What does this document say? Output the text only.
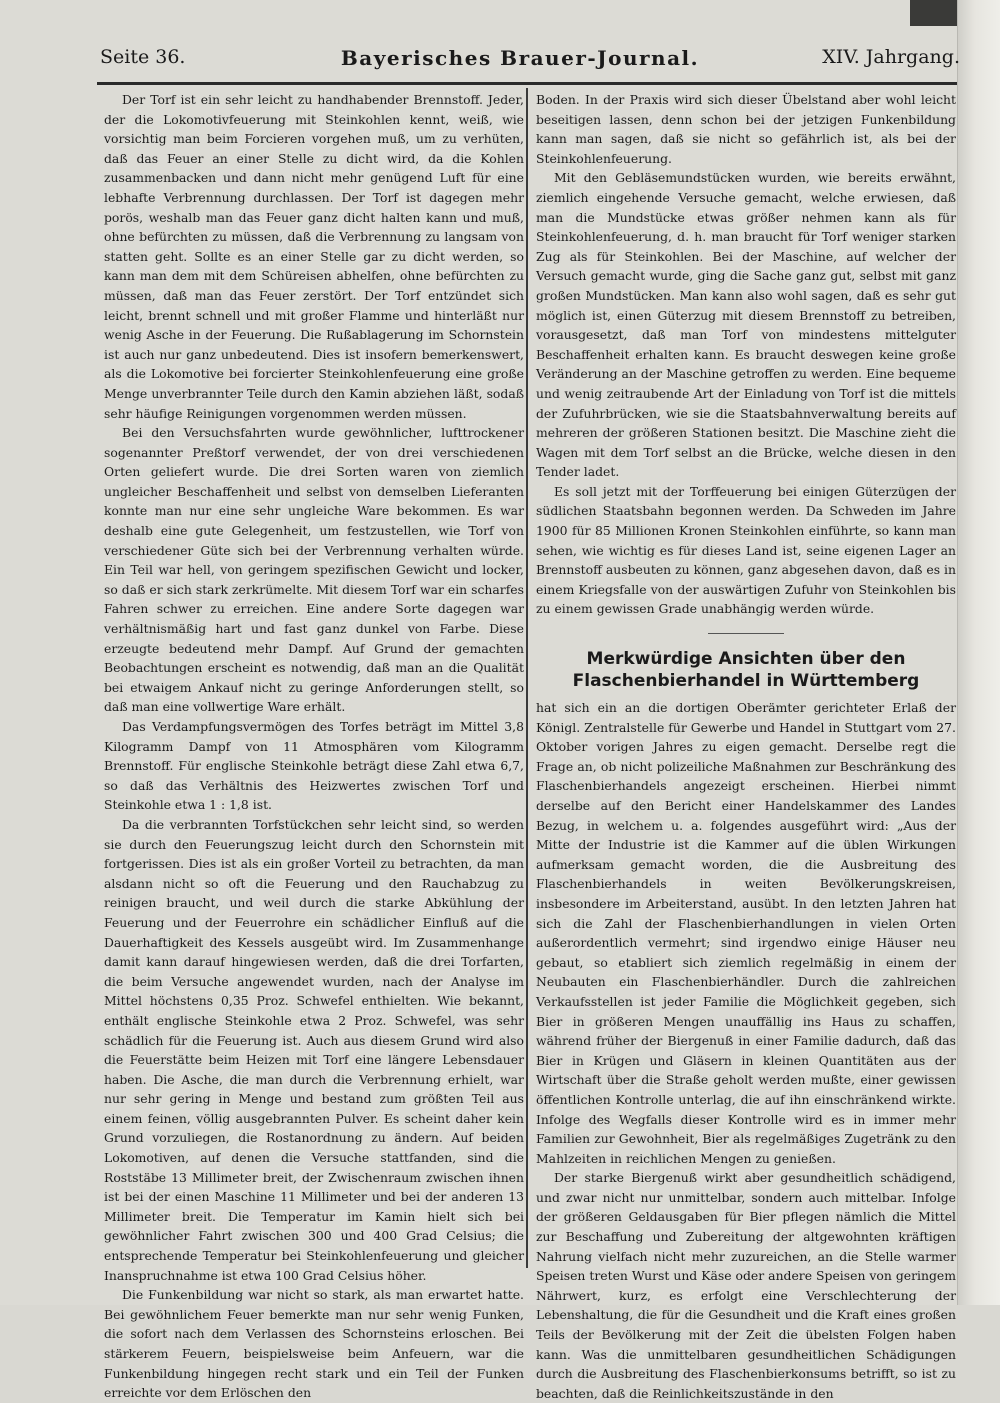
Seite 36.	Bayerisches Brauer-Journal.	XIV. Jahrgang.

Der Torf ist ein sehr leicht zu handhabender Brennstoff. Jeder, der die Lokomotivfeuerung mit Steinkohlen kennt, weiß, wie vorsichtig man beim Forcieren vorgehen muß, um zu verhüten, daß das Feuer an einer Stelle zu dicht wird, da die Kohlen zusammenbacken und dann nicht mehr genügend Luft für eine lebhafte Verbrennung durchlassen. Der Torf ist dagegen mehr porös, weshalb man das Feuer ganz dicht halten kann und muß, ohne befürchten zu müssen, daß die Verbrennung zu langsam von statten geht. Sollte es an einer Stelle gar zu dicht werden, so kann man dem mit dem Schüreisen abhelfen, ohne befürchten zu müssen, daß man das Feuer zerstört. Der Torf entzündet sich leicht, brennt schnell und mit großer Flamme und hinterläßt nur wenig Asche in der Feuerung. Die Rußablagerung im Schornstein ist auch nur ganz unbedeutend. Dies ist insofern bemerkenswert, als die Lokomotive bei forcierter Steinkohlenfeuerung eine große Menge unverbrannter Teile durch den Kamin abziehen läßt, sodaß sehr häufige Reinigungen vorgenommen werden müssen.

Bei den Versuchsfahrten wurde gewöhnlicher, lufttrockener sogenannter Preßtorf verwendet, der von drei verschiedenen Orten geliefert wurde. Die drei Sorten waren von ziemlich ungleicher Beschaffenheit und selbst von demselben Lieferanten konnte man nur eine sehr ungleiche Ware bekommen. Es war deshalb eine gute Gelegenheit, um festzustellen, wie Torf von verschiedener Güte sich bei der Verbrennung verhalten würde. Ein Teil war hell, von geringem spezifischen Gewicht und locker, so daß er sich stark zerkrümelte. Mit diesem Torf war ein scharfes Fahren schwer zu erreichen. Eine andere Sorte dagegen war verhältnismäßig hart und fast ganz dunkel von Farbe. Diese erzeugte bedeutend mehr Dampf. Auf Grund der gemachten Beobachtungen erscheint es notwendig, daß man an die Qualität bei etwaigem Ankauf nicht zu geringe Anforderungen stellt, so daß man eine vollwertige Ware erhält.

Das Verdampfungsvermögen des Torfes beträgt im Mittel 3,8 Kilogramm Dampf von 11 Atmosphären vom Kilogramm Brennstoff. Für englische Steinkohle beträgt diese Zahl etwa 6,7, so daß das Verhältnis des Heizwertes zwischen Torf und Steinkohle etwa 1 : 1,8 ist.

Da die verbrannten Torfstückchen sehr leicht sind, so werden sie durch den Feuerungszug leicht durch den Schornstein mit fortgerissen. Dies ist als ein großer Vorteil zu betrachten, da man alsdann nicht so oft die Feuerung und den Rauchabzug zu reinigen braucht, und weil durch die starke Abkühlung der Feuerung und der Feuerrohre ein schädlicher Einfluß auf die Dauerhaftigkeit des Kessels ausgeübt wird. Im Zusammenhange damit kann darauf hingewiesen werden, daß die drei Torfarten, die beim Versuche angewendet wurden, nach der Analyse im Mittel höchstens 0,35 Proz. Schwefel enthielten. Wie bekannt, enthält englische Steinkohle etwa 2 Proz. Schwefel, was sehr schädlich für die Feuerung ist. Auch aus diesem Grund wird also die Feuerstätte beim Heizen mit Torf eine längere Lebensdauer haben. Die Asche, die man durch die Verbrennung erhielt, war nur sehr gering in Menge und bestand zum größten Teil aus einem feinen, völlig ausgebrannten Pulver. Es scheint daher kein Grund vorzuliegen, die Rostanordnung zu ändern. Auf beiden Lokomotiven, auf denen die Versuche stattfanden, sind die Roststäbe 13 Millimeter breit, der Zwischenraum zwischen ihnen ist bei der einen Maschine 11 Millimeter und bei der anderen 13 Millimeter breit. Die Temperatur im Kamin hielt sich bei gewöhnlicher Fahrt zwischen 300 und 400 Grad Celsius; die entsprechende Temperatur bei Steinkohlenfeuerung und gleicher Inanspruchnahme ist etwa 100 Grad Celsius höher.

Die Funkenbildung war nicht so stark, als man erwartet hatte. Bei gewöhnlichem Feuer bemerkte man nur sehr wenig Funken, die sofort nach dem Verlassen des Schornsteins erloschen. Bei stärkerem Feuern, beispielsweise beim Anfeuern, war die Funkenbildung hingegen recht stark und ein Teil der Funken erreichte vor dem Erlöschen den

Boden. In der Praxis wird sich dieser Übelstand aber wohl leicht beseitigen lassen, denn schon bei der jetzigen Funkenbildung kann man sagen, daß sie nicht so gefährlich ist, als bei der Steinkohlenfeuerung.

Mit den Gebläsemundstücken wurden, wie bereits erwähnt, ziemlich eingehende Versuche gemacht, welche erwiesen, daß man die Mundstücke etwas größer nehmen kann als für Steinkohlenfeuerung, d. h. man braucht für Torf weniger starken Zug als für Steinkohlen. Bei der Maschine, auf welcher der Versuch gemacht wurde, ging die Sache ganz gut, selbst mit ganz großen Mundstücken. Man kann also wohl sagen, daß es sehr gut möglich ist, einen Güterzug mit diesem Brennstoff zu betreiben, vorausgesetzt, daß man Torf von mindestens mittelguter Beschaffenheit erhalten kann. Es braucht deswegen keine große Veränderung an der Maschine getroffen zu werden. Eine bequeme und wenig zeitraubende Art der Einladung von Torf ist die mittels der Zufuhrbrücken, wie sie die Staatsbahnverwaltung bereits auf mehreren der größeren Stationen besitzt. Die Maschine zieht die Wagen mit dem Torf selbst an die Brücke, welche diesen in den Tender ladet.

Es soll jetzt mit der Torffeuerung bei einigen Güterzügen der südlichen Staatsbahn begonnen werden. Da Schweden im Jahre 1900 für 85 Millionen Kronen Steinkohlen einführte, so kann man sehen, wie wichtig es für dieses Land ist, seine eigenen Lager an Brennstoff ausbeuten zu können, ganz abgesehen davon, daß es in einem Kriegsfalle von der auswärtigen Zufuhr von Steinkohlen bis zu einem gewissen Grade unabhängig werden würde.

Merkwürdige Ansichten über den Flaschenbierhandel in Württemberg

hat sich ein an die dortigen Oberämter gerichteter Erlaß der Königl. Zentralstelle für Gewerbe und Handel in Stuttgart vom 27. Oktober vorigen Jahres zu eigen gemacht. Derselbe regt die Frage an, ob nicht polizeiliche Maßnahmen zur Beschränkung des Flaschenbierhandels angezeigt erscheinen. Hierbei nimmt derselbe auf den Bericht einer Handelskammer des Landes Bezug, in welchem u. a. folgendes ausgeführt wird: „Aus der Mitte der Industrie ist die Kammer auf die üblen Wirkungen aufmerksam gemacht worden, die die Ausbreitung des Flaschenbierhandels in weiten Bevölkerungskreisen, insbesondere im Arbeiterstand, ausübt. In den letzten Jahren hat sich die Zahl der Flaschenbierhandlungen in vielen Orten außerordentlich vermehrt; sind irgendwo einige Häuser neu gebaut, so etabliert sich ziemlich regelmäßig in einem der Neubauten ein Flaschenbierhändler. Durch die zahlreichen Verkaufsstellen ist jeder Familie die Möglichkeit gegeben, sich Bier in größeren Mengen unauffällig ins Haus zu schaffen, während früher der Biergenuß in einer Familie dadurch, daß das Bier in Krügen und Gläsern in kleinen Quantitäten aus der Wirtschaft über die Straße geholt werden mußte, einer gewissen öffentlichen Kontrolle unterlag, die auf ihn einschränkend wirkte. Infolge des Wegfalls dieser Kontrolle wird es in immer mehr Familien zur Gewohnheit, Bier als regelmäßiges Zugetränk zu den Mahlzeiten in reichlichen Mengen zu genießen.

Der starke Biergenuß wirkt aber gesundheitlich schädigend, und zwar nicht nur unmittelbar, sondern auch mittelbar. Infolge der größeren Geldausgaben für Bier pflegen nämlich die Mittel zur Beschaffung und Zubereitung der altgewohnten kräftigen Nahrung vielfach nicht mehr zuzureichen, an die Stelle warmer Speisen treten Wurst und Käse oder andere Speisen von geringem Nährwert, kurz, es erfolgt eine Verschlechterung der Lebenshaltung, die für die Gesundheit und die Kraft eines großen Teils der Bevölkerung mit der Zeit die übelsten Folgen haben kann. Was die unmittelbaren gesundheitlichen Schädigungen durch die Ausbreitung des Flaschenbierkonsums betrifft, so ist zu beachten, daß die Reinlichkeitszustände in den
